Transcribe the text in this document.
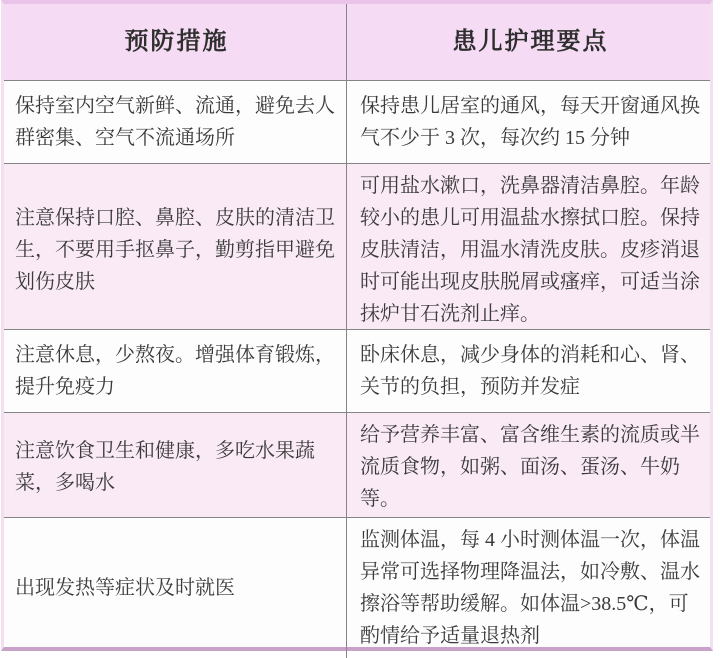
预防措施	患儿护理要点
保持室内空气新鲜、流通，避免去人群密集、空气不流通场所
保持患儿居室的通风，每天开窗通风换气不少于 3 次，每次约 15 分钟
注意保持口腔、鼻腔、皮肤的清洁卫生，不要用手抠鼻子，勤剪指甲避免划伤皮肤
可用盐水漱口，洗鼻器清洁鼻腔。年龄较小的患儿可用温盐水擦拭口腔。保持皮肤清洁，用温水清洗皮肤。皮疹消退时可能出现皮肤脱屑或瘙痒，可适当涂抹炉甘石洗剂止痒。
注意休息，少熬夜。增强体育锻炼，提升免疫力
卧床休息，减少身体的消耗和心、肾、关节的负担，预防并发症
注意饮食卫生和健康，多吃水果蔬菜，多喝水
给予营养丰富、富含维生素的流质或半流质食物，如粥、面汤、蛋汤、牛奶等。
出现发热等症状及时就医
监测体温，每 4 小时测体温一次，体温异常可选择物理降温法，如冷敷、温水擦浴等帮助缓解。如体温>38.5℃，可酌情给予适量退热剂
